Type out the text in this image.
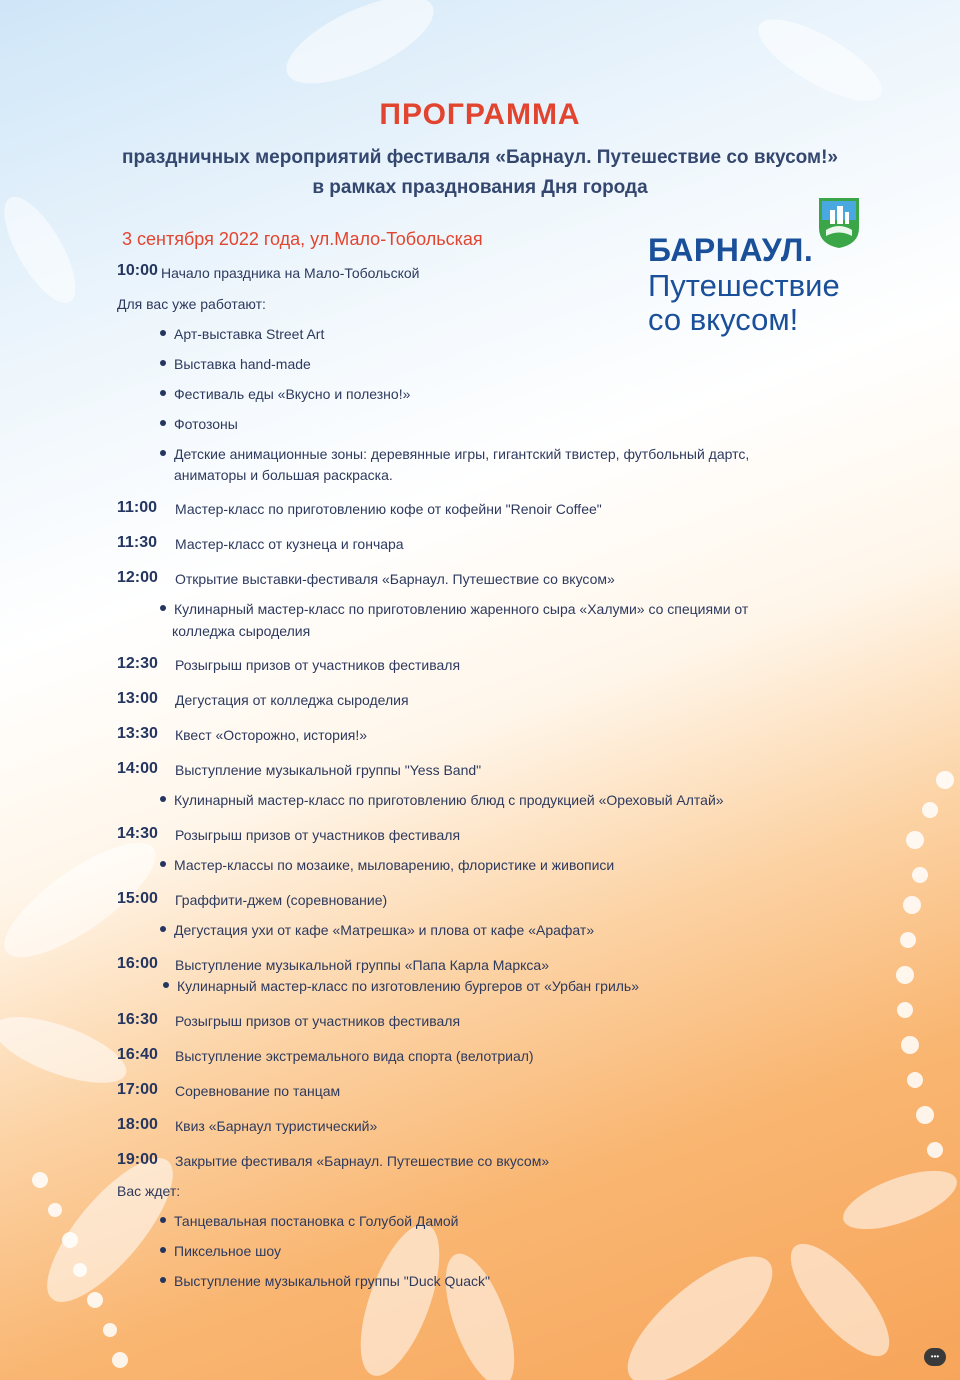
ПРОГРАММА
праздничных мероприятий фестиваля «Барнаул. Путешествие со вкусом!»
в рамках празднования Дня города
3 сентября 2022 года, ул.Мало-Тобольская	БАРНАУЛ.
Путешествие
со вкусом!
10:00 Начало праздника на Мало-Тобольской
Для вас уже работают:
Арт-выставка Street Art
Выставка hand-made
Фестиваль еды «Вкусно и полезно!»
Фотозоны
Детские анимационные зоны: деревянные игры, гигантский твистер, футбольный дартс,
аниматоры и большая раскраска.
11:00 Мастер-класс по приготовлению кофе от кофейни "Renoir Coffee"
11:30 Мастер-класс от кузнеца и гончара
12:00 Открытие выставки-фестиваля «Барнаул. Путешествие со вкусом»
Кулинарный мастер-класс по приготовлению жаренного сыра «Халуми» со специями от
колледжа сыроделия
12:30 Розыгрыш призов от участников фестиваля
13:00 Дегустация от колледжа сыроделия
13:30 Квест «Осторожно, история!»
14:00 Выступление музыкальной группы "Yess Band"
Кулинарный мастер-класс по приготовлению блюд с продукцией «Ореховый Алтай»
14:30 Розыгрыш призов от участников фестиваля
Мастер-классы по мозаике, мыловарению, флористике и живописи
15:00 Граффити-джем (соревнование)
Дегустация ухи от кафе «Матрешка» и плова от кафе «Арафат»
16:00 Выступление музыкальной группы «Папа Карла Маркса»
Кулинарный мастер-класс по изготовлению бургеров от «Урбан гриль»
16:30 Розыгрыш призов от участников фестиваля
16:40 Выступление экстремального вида спорта (велотриал)
17:00 Соревнование по танцам
18:00 Квиз «Барнаул туристический»
19:00 Закрытие фестиваля «Барнаул. Путешествие со вкусом»
Вас ждет:
Танцевальная постановка с Голубой Дамой
Пиксельное шоу
Выступление музыкальной группы "Duck Quack"
•••
